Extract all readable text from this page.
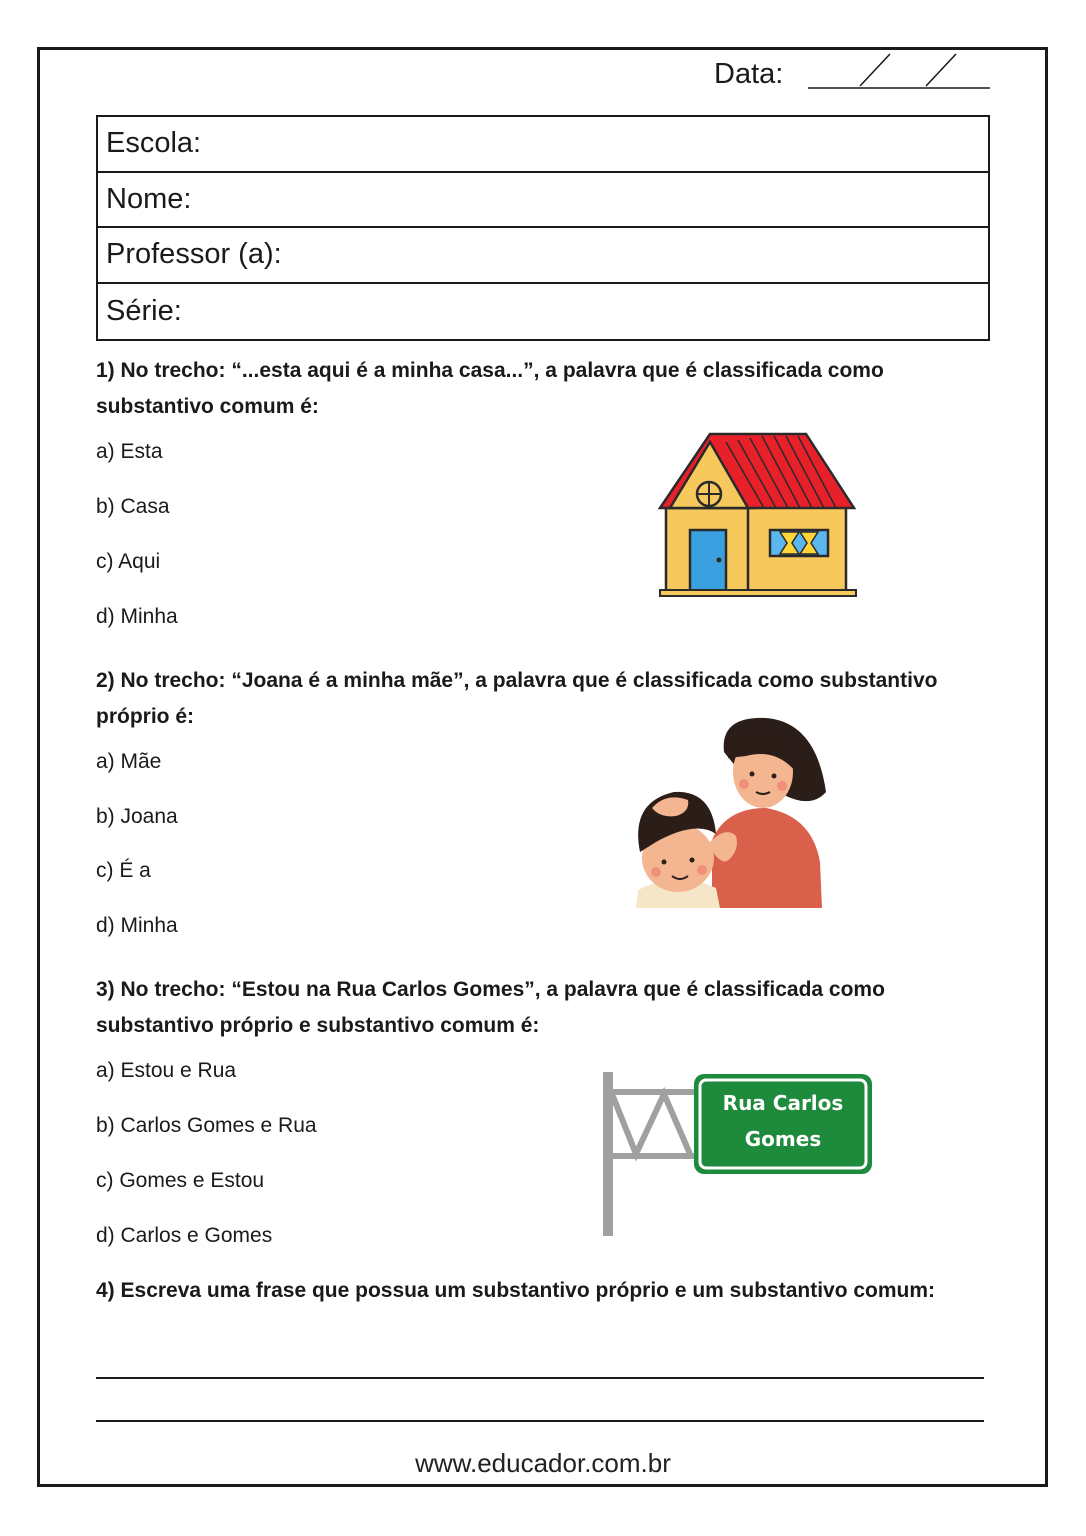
Data:
Escola:
Nome:
Professor (a):
Série:
1) No trecho: “...esta aqui é a minha casa...”, a palavra que é classificada como substantivo comum é:
a) Esta
b) Casa
c) Aqui
d) Minha
2) No trecho: “Joana é a minha mãe”, a palavra que é classificada como substantivo próprio é:
a) Mãe
b) Joana
c) É a
d) Minha
3) No trecho: “Estou na Rua Carlos Gomes”, a palavra que é classificada como substantivo próprio e substantivo comum é:
a) Estou e Rua
b) Carlos Gomes e Rua
c) Gomes e Estou
d) Carlos e Gomes
Rua Carlos
Gomes
4) Escreva uma frase que possua um substantivo próprio e um substantivo comum:
www.educador.com.br
